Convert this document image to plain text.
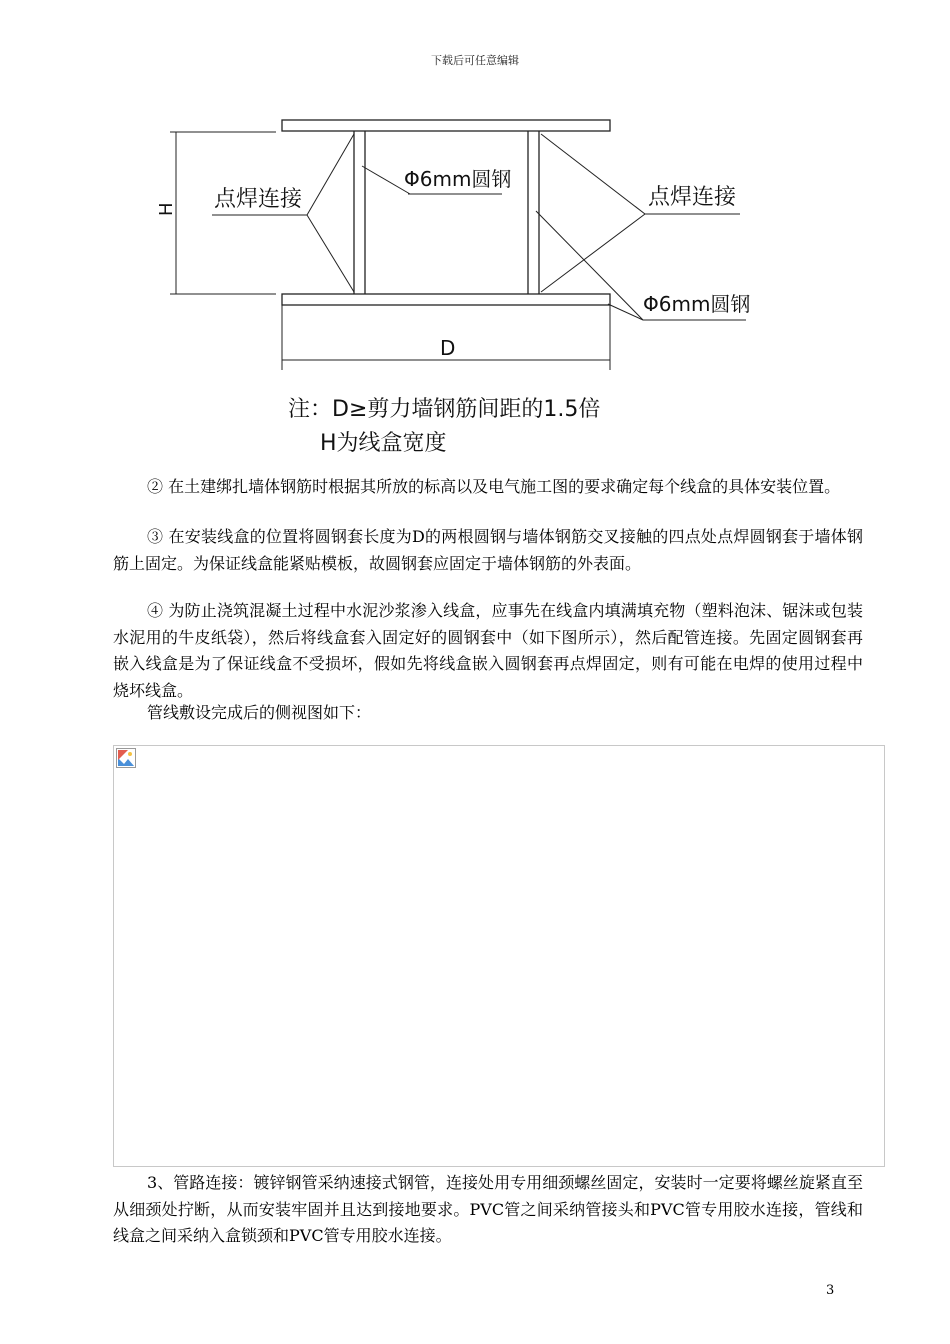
下载后可任意编辑
H 点焊连接
Φ6mm圆钢
点焊连接
Φ6mm圆钢
D
注：D≥剪力墙钢筋间距的1.5倍
H为线盒宽度

② 在土建绑扎墙体钢筋时根据其所放的标高以及电气施工图的要求确定每个线盒的具体安装位置。

③ 在安装线盒的位置将圆钢套长度为D的两根圆钢与墙体钢筋交叉接触的四点处点焊圆钢套于墙体钢筋上固定。为保证线盒能紧贴模板，故圆钢套应固定于墙体钢筋的外表面。

④ 为防止浇筑混凝土过程中水泥沙浆渗入线盒，应事先在线盒内填满填充物（塑料泡沫、锯沫或包装水泥用的牛皮纸袋），然后将线盒套入固定好的圆钢套中（如下图所示），然后配管连接。先固定圆钢套再嵌入线盒是为了保证线盒不受损坏，假如先将线盒嵌入圆钢套再点焊固定，则有可能在电焊的使用过程中烧坏线盒。

管线敷设完成后的侧视图如下：

3、管路连接：镀锌钢管采纳速接式钢管，连接处用专用细颈螺丝固定，安装时一定要将螺丝旋紧直至从细颈处拧断，从而安装牢固并且达到接地要求。PVC管之间采纳管接头和PVC管专用胶水连接，管线和线盒之间采纳入盒锁颈和PVC管专用胶水连接。

3
